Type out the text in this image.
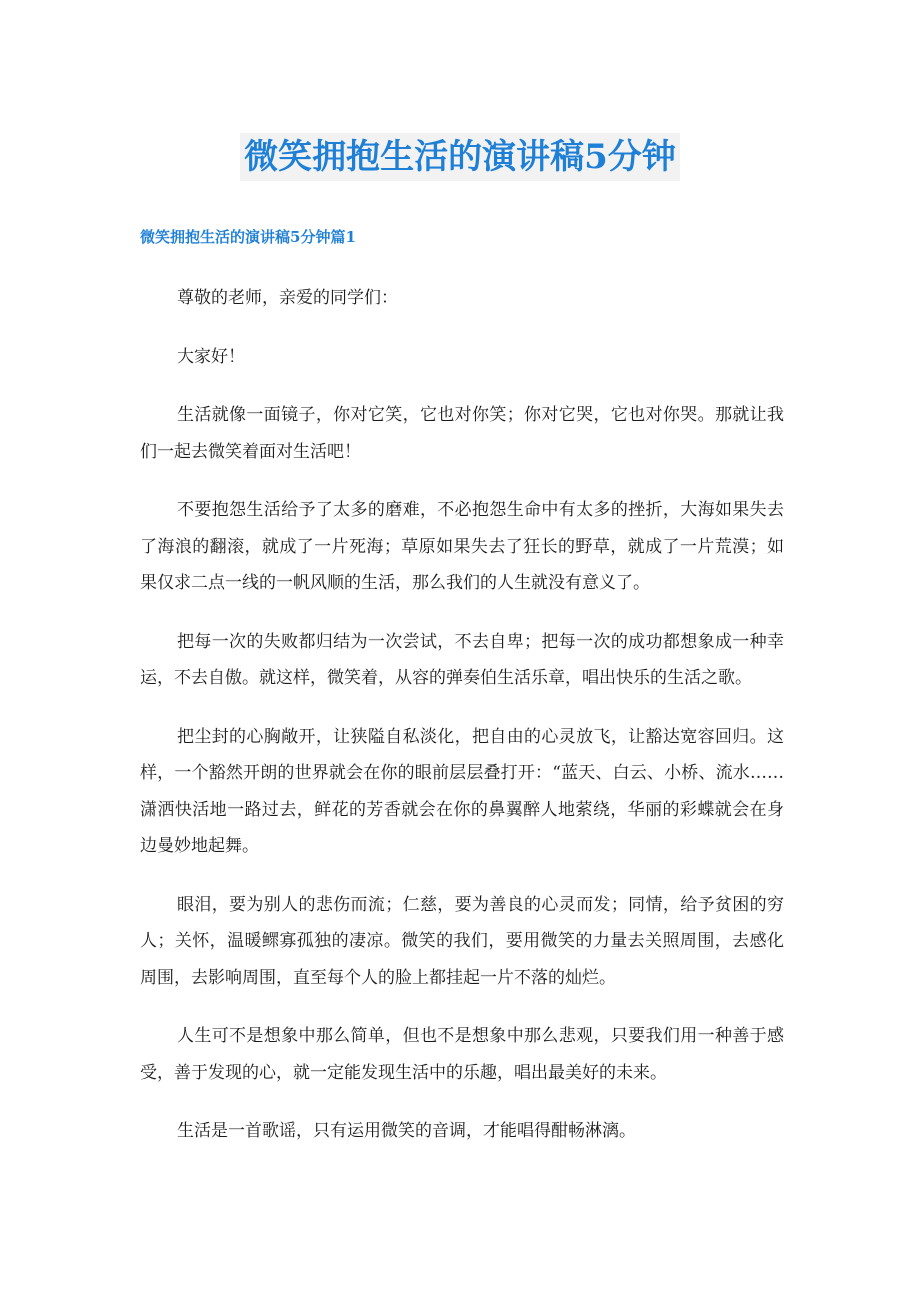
微笑拥抱生活的演讲稿5分钟
微笑拥抱生活的演讲稿5分钟篇1

尊敬的老师，亲爱的同学们：

大家好！

生活就像一面镜子，你对它笑，它也对你笑；你对它哭，它也对你哭。那就让我们一起去微笑着面对生活吧！

不要抱怨生活给予了太多的磨难，不必抱怨生命中有太多的挫折，大海如果失去了海浪的翻滚，就成了一片死海；草原如果失去了狂长的野草，就成了一片荒漠；如果仅求二点一线的一帆风顺的生活，那么我们的人生就没有意义了。

把每一次的失败都归结为一次尝试，不去自卑；把每一次的成功都想象成一种幸运，不去自傲。就这样，微笑着，从容的弹奏伯生活乐章，唱出快乐的生活之歌。

把尘封的心胸敞开，让狭隘自私淡化，把自由的心灵放飞，让豁达宽容回归。这样，一个豁然开朗的世界就会在你的眼前层层叠打开：“蓝天、白云、小桥、流水……潇洒快活地一路过去，鲜花的芳香就会在你的鼻翼醉人地萦绕，华丽的彩蝶就会在身边曼妙地起舞。

眼泪，要为别人的悲伤而流；仁慈，要为善良的心灵而发；同情，给予贫困的穷人；关怀，温暖鳏寡孤独的凄凉。微笑的我们，要用微笑的力量去关照周围，去感化周围，去影响周围，直至每个人的脸上都挂起一片不落的灿烂。

人生可不是想象中那么简单，但也不是想象中那么悲观，只要我们用一种善于感受，善于发现的心，就一定能发现生活中的乐趣，唱出最美好的未来。

生活是一首歌谣，只有运用微笑的音调，才能唱得酣畅淋漓。
